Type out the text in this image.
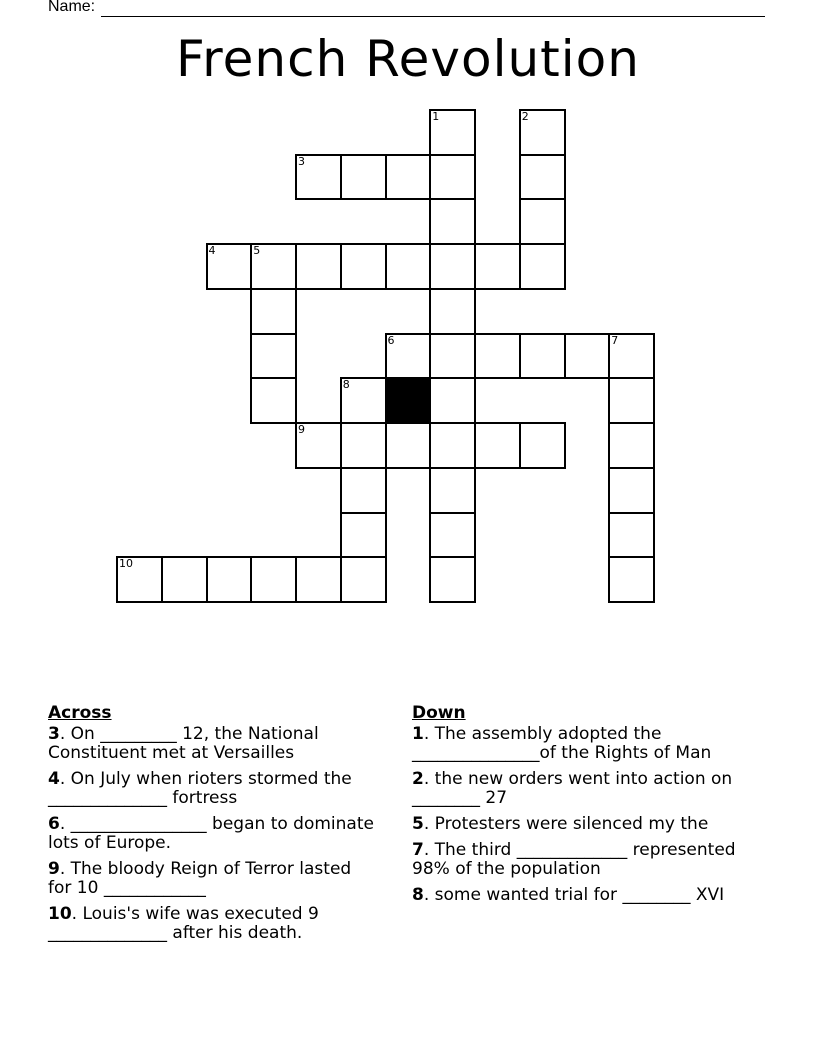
Name:
French Revolution
1	2
3
4	5
6	7
8
9
10
Across
3. On _________ 12, the National Constituent met at Versailles
4. On July when rioters stormed the ______________ fortress
6. ________________ began to dominate lots of Europe.
9. The bloody Reign of Terror lasted for 10 ____________
10. Louis's wife was executed 9 ______________ after his death.
Down
1. The assembly adopted the _______________of the Rights of Man
2. the new orders went into action on ________ 27
5. Protesters were silenced my the
7. The third _____________ represented 98% of the population
8. some wanted trial for ________ XVI
